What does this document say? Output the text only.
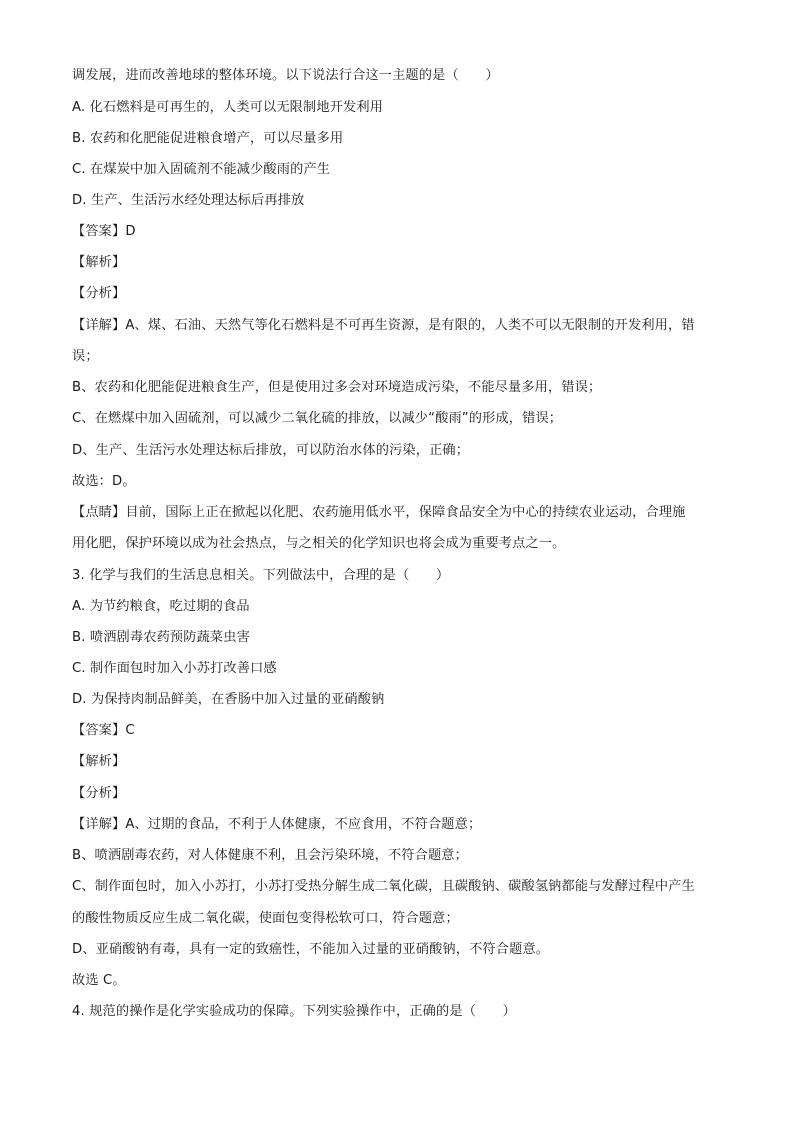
调发展，进而改善地球的整体环境。以下说法行合这一主题的是（　　）
A. 化石燃料是可再生的，人类可以无限制地开发利用
B. 农药和化肥能促进粮食增产，可以尽量多用
C. 在煤炭中加入固硫剂不能减少酸雨的产生
D. 生产、生活污水经处理达标后再排放
【答案】D
【解析】
【分析】
【详解】A、煤、石油、天然气等化石燃料是不可再生资源，是有限的，人类不可以无限制的开发利用，错
误；
B、农药和化肥能促进粮食生产，但是使用过多会对环境造成污染，不能尽量多用，错误；
C、在燃煤中加入固硫剂，可以减少二氧化硫的排放，以减少“酸雨”的形成，错误；
D、生产、生活污水处理达标后排放，可以防治水体的污染，正确；
故选：D。
【点睛】目前，国际上正在掀起以化肥、农药施用低水平，保障食品安全为中心的持续农业运动，合理施
用化肥，保护环境以成为社会热点，与之相关的化学知识也将会成为重要考点之一。
3. 化学与我们的生活息息相关。下列做法中，合理的是（　　）
A. 为节约粮食，吃过期的食品
B. 喷洒剧毒农药预防蔬菜虫害
C. 制作面包时加入小苏打改善口感
D. 为保持肉制品鲜美，在香肠中加入过量的亚硝酸钠
【答案】C
【解析】
【分析】
【详解】A、过期的食品，不利于人体健康，不应食用，不符合题意；
B、喷洒剧毒农药，对人体健康不利，且会污染环境，不符合题意；
C、制作面包时，加入小苏打，小苏打受热分解生成二氧化碳，且碳酸钠、碳酸氢钠都能与发酵过程中产生
的酸性物质反应生成二氧化碳，使面包变得松软可口，符合题意；
D、亚硝酸钠有毒，具有一定的致癌性，不能加入过量的亚硝酸钠，不符合题意。
故选 C。
4. 规范的操作是化学实验成功的保障。下列实验操作中，正确的是（　　）
